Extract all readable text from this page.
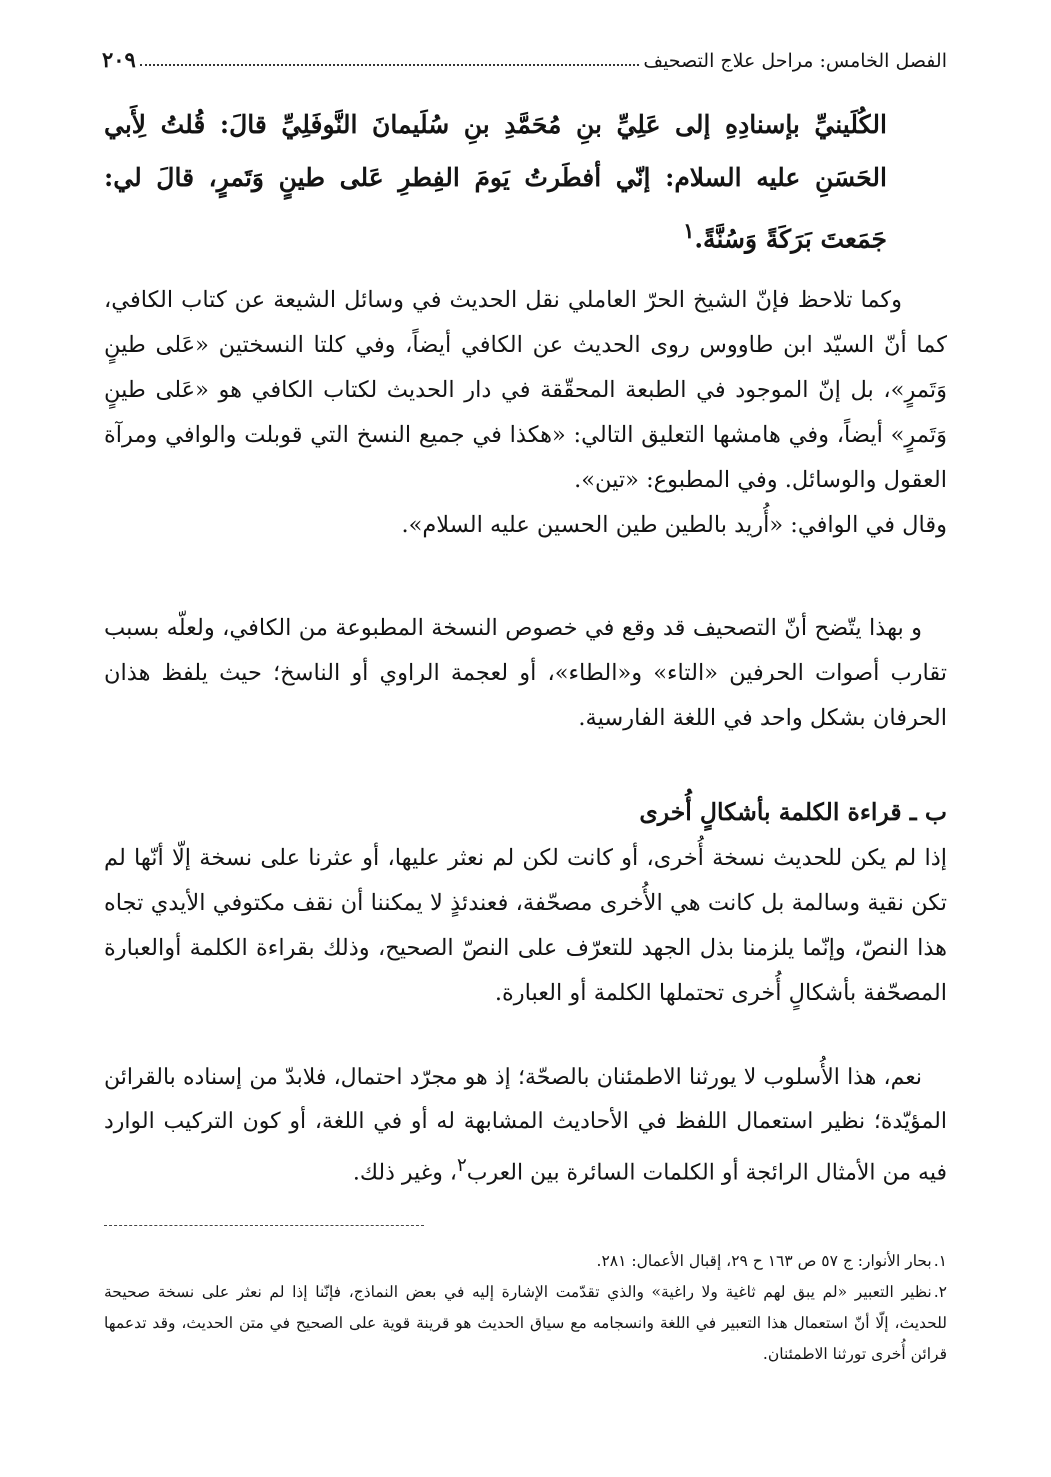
الفصل الخامس: مراحل علاج التصحيف
٢٠٩
الكُلَينيِّ بإسنادِهِ إلى عَلِيِّ بنِ مُحَمَّدِ بنِ سُلَيمانَ النَّوفَلِيِّ قالَ: قُلتُ لِأَبي الحَسَنِ عليه السلام: إنّي أفطَرتُ يَومَ الفِطرِ عَلى طينٍ وَتَمرٍ، قالَ لي: جَمَعتَ بَرَكَةً وَسُنَّةً.$^١$

وكما تلاحظ فإنّ الشيخ الحرّ العاملي نقل الحديث في وسائل الشيعة عن كتاب الكافي، كما أنّ السيّد ابن طاووس روى الحديث عن الكافي أيضاً، وفي كلتا النسختين «عَلى طينٍ وَتَمرٍ»، بل إنّ الموجود في الطبعة المحقّقة في دار الحديث لكتاب الكافي هو «عَلى طينٍ وَتَمرٍ» أيضاً، وفي هامشها التعليق التالي: «هكذا في جميع النسخ التي قوبلت والوافي ومرآة العقول والوسائل. وفي المطبوع: «تين».

وقال في الوافي: «أُريد بالطين طين الحسين عليه السلام».

و بهذا يتّضح أنّ التصحيف قد وقع في خصوص النسخة المطبوعة من الكافي، ولعلّه بسبب تقارب أصوات الحرفين «التاء» و«الطاء»، أو لعجمة الراوي أو الناسخ؛ حيث يلفظ هذان الحرفان بشكل واحد في اللغة الفارسية.

ب ـ قراءة الكلمة بأشكالٍ أُخرى

إذا لم يكن للحديث نسخة أُخرى، أو كانت لكن لم نعثر عليها، أو عثرنا على نسخة إلّا أنّها لم تكن نقية وسالمة بل كانت هي الأُخرى مصحّفة، فعندئذٍ لا يمكننا أن نقف مكتوفي الأيدي تجاه هذا النصّ، وإنّما يلزمنا بذل الجهد للتعرّف على النصّ الصحيح، وذلك بقراءة الكلمة أوالعبارة المصحّفة بأشكالٍ أُخرى تحتملها الكلمة أو العبارة.

نعم، هذا الأُسلوب لا يورثنا الاطمئنان بالصحّة؛ إذ هو مجرّد احتمال، فلابدّ من إسناده بالقرائن المؤيّدة؛ نظير استعمال اللفظ في الأحاديث المشابهة له أو في اللغة، أو كون التركيب الوارد فيه من الأمثال الرائجة أو الكلمات السائرة بين العرب$^٢$، وغير ذلك.

١.بحار الأنوار: ج ٥٧ ص ١٦٣ ح ٢٩، إقبال الأعمال: ٢٨١.

٢.نظير التعبير «لم يبق لهم ثاغية ولا راغية» والذي تقدّمت الإشارة إليه في بعض النماذج، فإنّنا إذا لم نعثر على نسخة صحيحة للحديث، إلّا أنّ استعمال هذا التعبير في اللغة وانسجامه مع سياق الحديث هو قرينة قوية على الصحيح في متن الحديث، وقد تدعمها قرائن أُخرى تورثنا الاطمئنان.
